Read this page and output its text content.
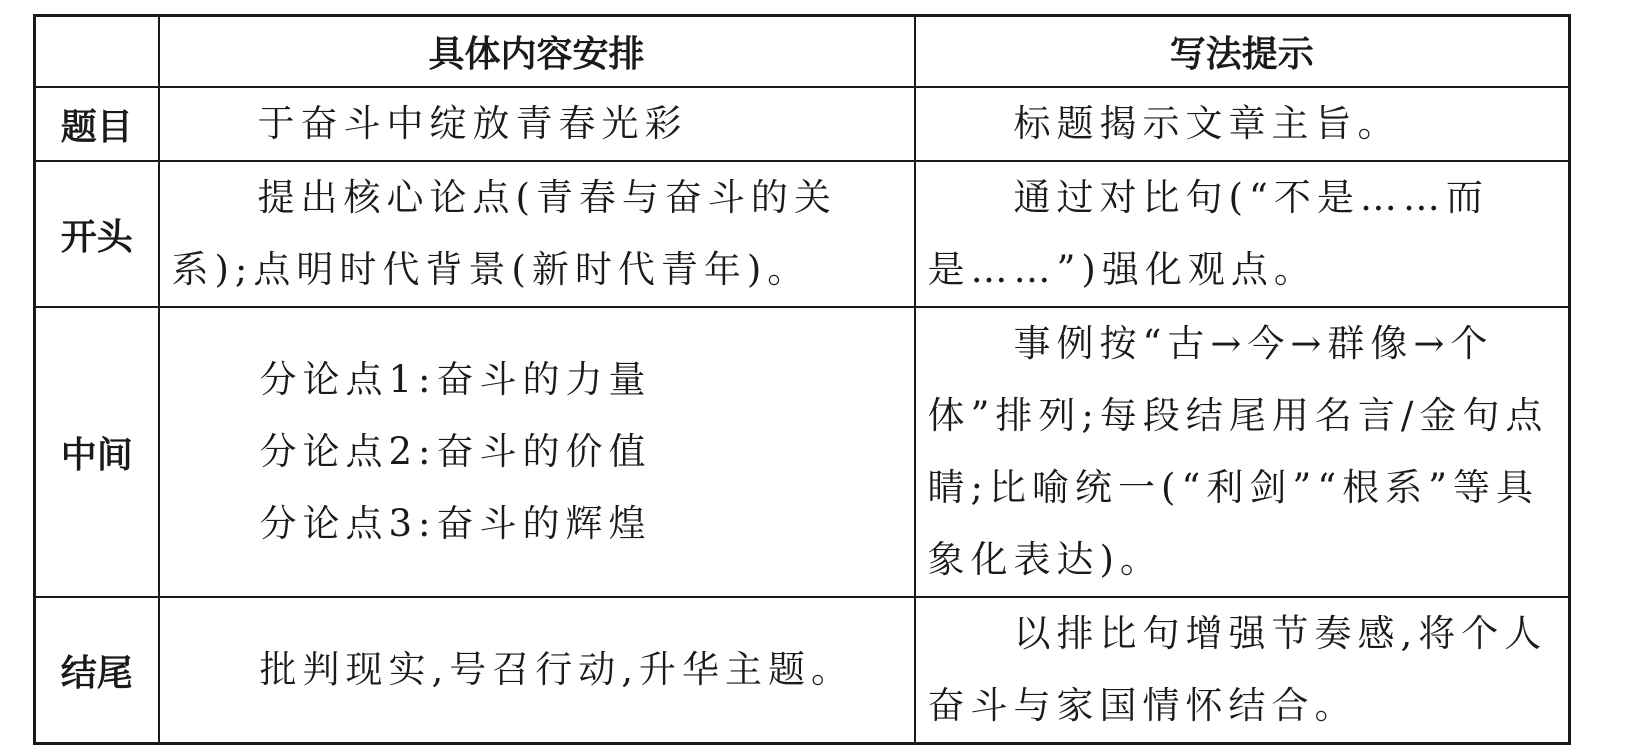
	具体内容安排	写法提示
题目	于奋斗中绽放青春光彩	标题揭示文章主旨。
开头	提出核心论点(青春与奋斗的关系);点明时代背景(新时代青年)。	通过对比句(“不是……而是……”)强化观点。
中间	分论点1:奋斗的力量
分论点2:奋斗的价值
分论点3:奋斗的辉煌	事例按“古→今→群像→个体”排列;每段结尾用名言/金句点睛;比喻统一(“利剑”“根系”等具象化表达)。
结尾	批判现实,号召行动,升华主题。	以排比句增强节奏感,将个人奋斗与家国情怀结合。
